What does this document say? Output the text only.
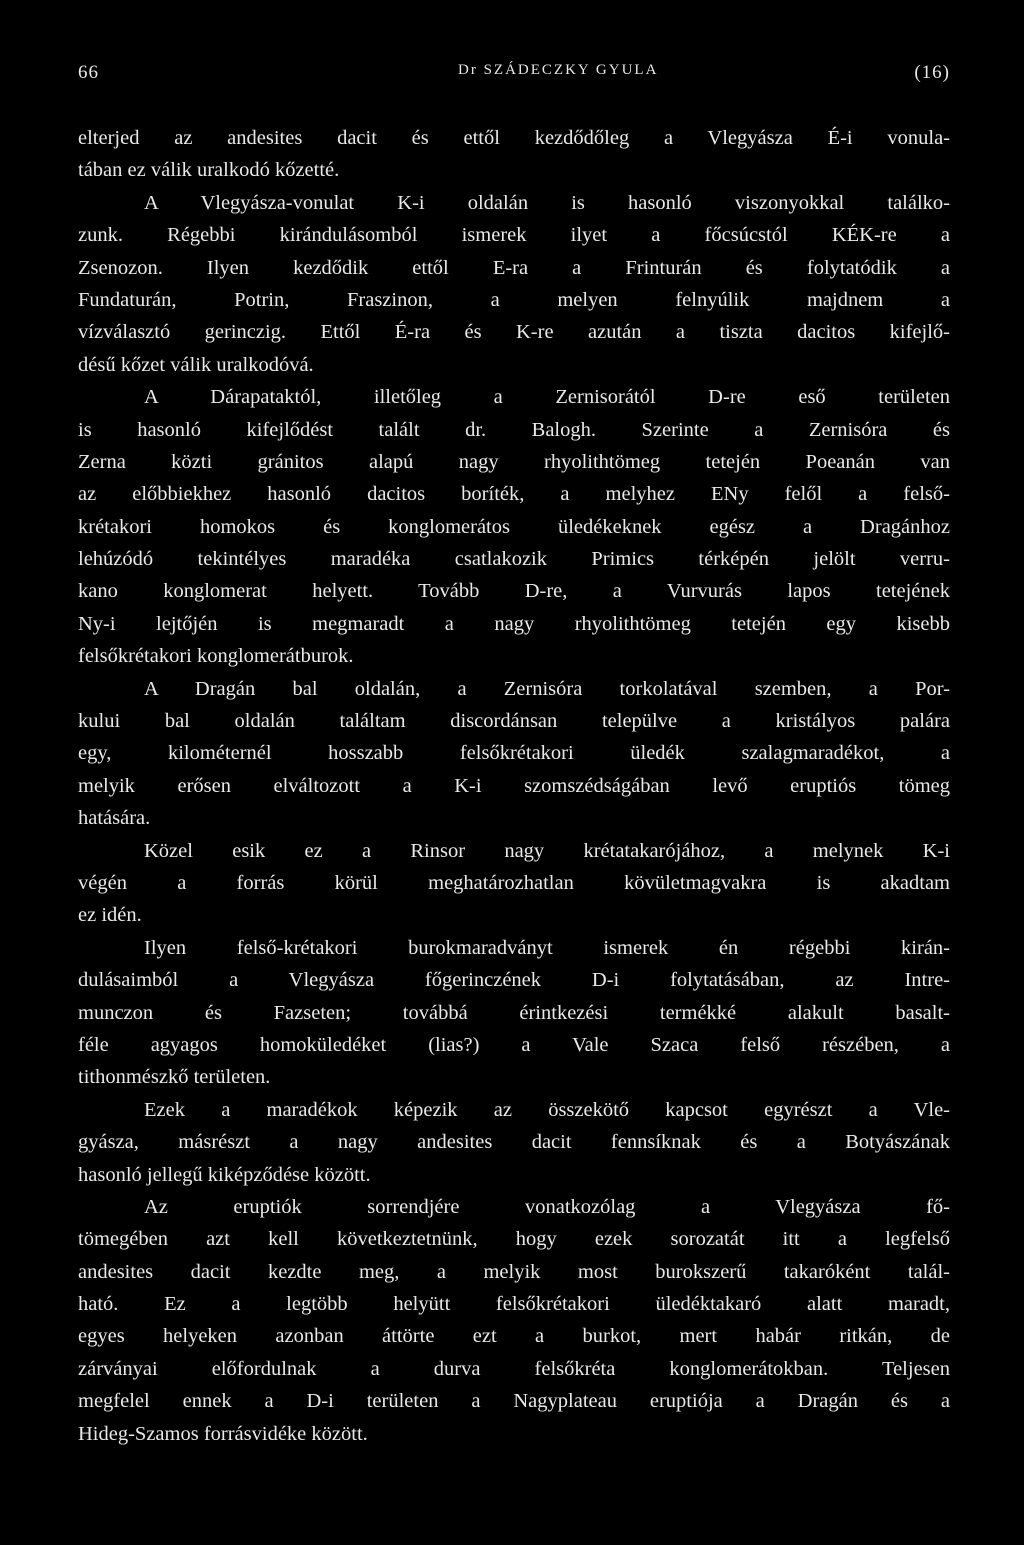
66	Dr SZÁDECZKY GYULA	(16)
elterjed az andesites dacit és ettől kezdődőleg a Vlegyásza É-i vonula-
tában ez válik uralkodó kőzetté.
A Vlegyásza-vonulat K-i oldalán is hasonló viszonyokkal találko-
zunk. Régebbi kirándulásomból ismerek ilyet a főcsúcstól KÉK-re a
Zsenozon. Ilyen kezdődik ettől E-ra a Frinturán és folytatódik a
Fundaturán, Potrin, Fraszinon, a melyen felnyúlik majdnem a
vízválasztó gerinczig. Ettől É-ra és K-re azután a tiszta dacitos kifejlő-
désű kőzet válik uralkodóvá.
A Dárapataktól, illetőleg a Zernisorától D-re eső területen
is hasonló kifejlődést talált dr. Balogh. Szerinte a Zernisóra és
Zerna közti gránitos alapú nagy rhyolithtömeg tetején Poeanán van
az előbbiekhez hasonló dacitos boríték, a melyhez ENy felől a felső-
krétakori homokos és konglomerátos üledékeknek egész a Dragánhoz
lehúzódó tekintélyes maradéka csatlakozik Primics térképén jelölt verru-
kano konglomerat helyett. Tovább D-re, a Vurvurás lapos tetejének
Ny-i lejtőjén is megmaradt a nagy rhyolithtömeg tetején egy kisebb
felsőkrétakori konglomerátburok.
A Dragán bal oldalán, a Zernisóra torkolatával szemben, a Por-
kului bal oldalán találtam discordánsan települve a kristályos palára
egy, kilométernél hosszabb felsőkrétakori üledék szalagmaradékot, a
melyik erősen elváltozott a K-i szomszédságában levő eruptiós tömeg
hatására.
Közel esik ez a Rinsor nagy krétatakarójához, a melynek K-i
végén a forrás körül meghatározhatlan kövületmagvakra is akadtam
ez idén.
Ilyen felső-krétakori burokmaradványt ismerek én régebbi kirán-
dulásaimból a Vlegyásza főgerinczének D-i folytatásában, az Intre-
munczon és Fazseten; továbbá érintkezési termékké alakult basalt-
féle agyagos homoküledéket (lias?) a Vale Szaca felső részében, a
tithonmészkő területen.
Ezek a maradékok képezik az összekötő kapcsot egyrészt a Vle-
gyásza, másrészt a nagy andesites dacit fennsíknak és a Botyászának
hasonló jellegű kiképződése között.
Az eruptiók sorrendjére vonatkozólag a Vlegyásza fő-
tömegében azt kell következtetnünk, hogy ezek sorozatát itt a legfelső
andesites dacit kezdte meg, a melyik most burokszerű takaróként talál-
ható. Ez a legtöbb helyütt felsőkrétakori üledéktakaró alatt maradt,
egyes helyeken azonban áttörte ezt a burkot, mert habár ritkán, de
zárványai előfordulnak a durva felsőkréta konglomerátokban. Teljesen
megfelel ennek a D-i területen a Nagyplateau eruptiója a Dragán és a
Hideg-Szamos forrásvidéke között.
